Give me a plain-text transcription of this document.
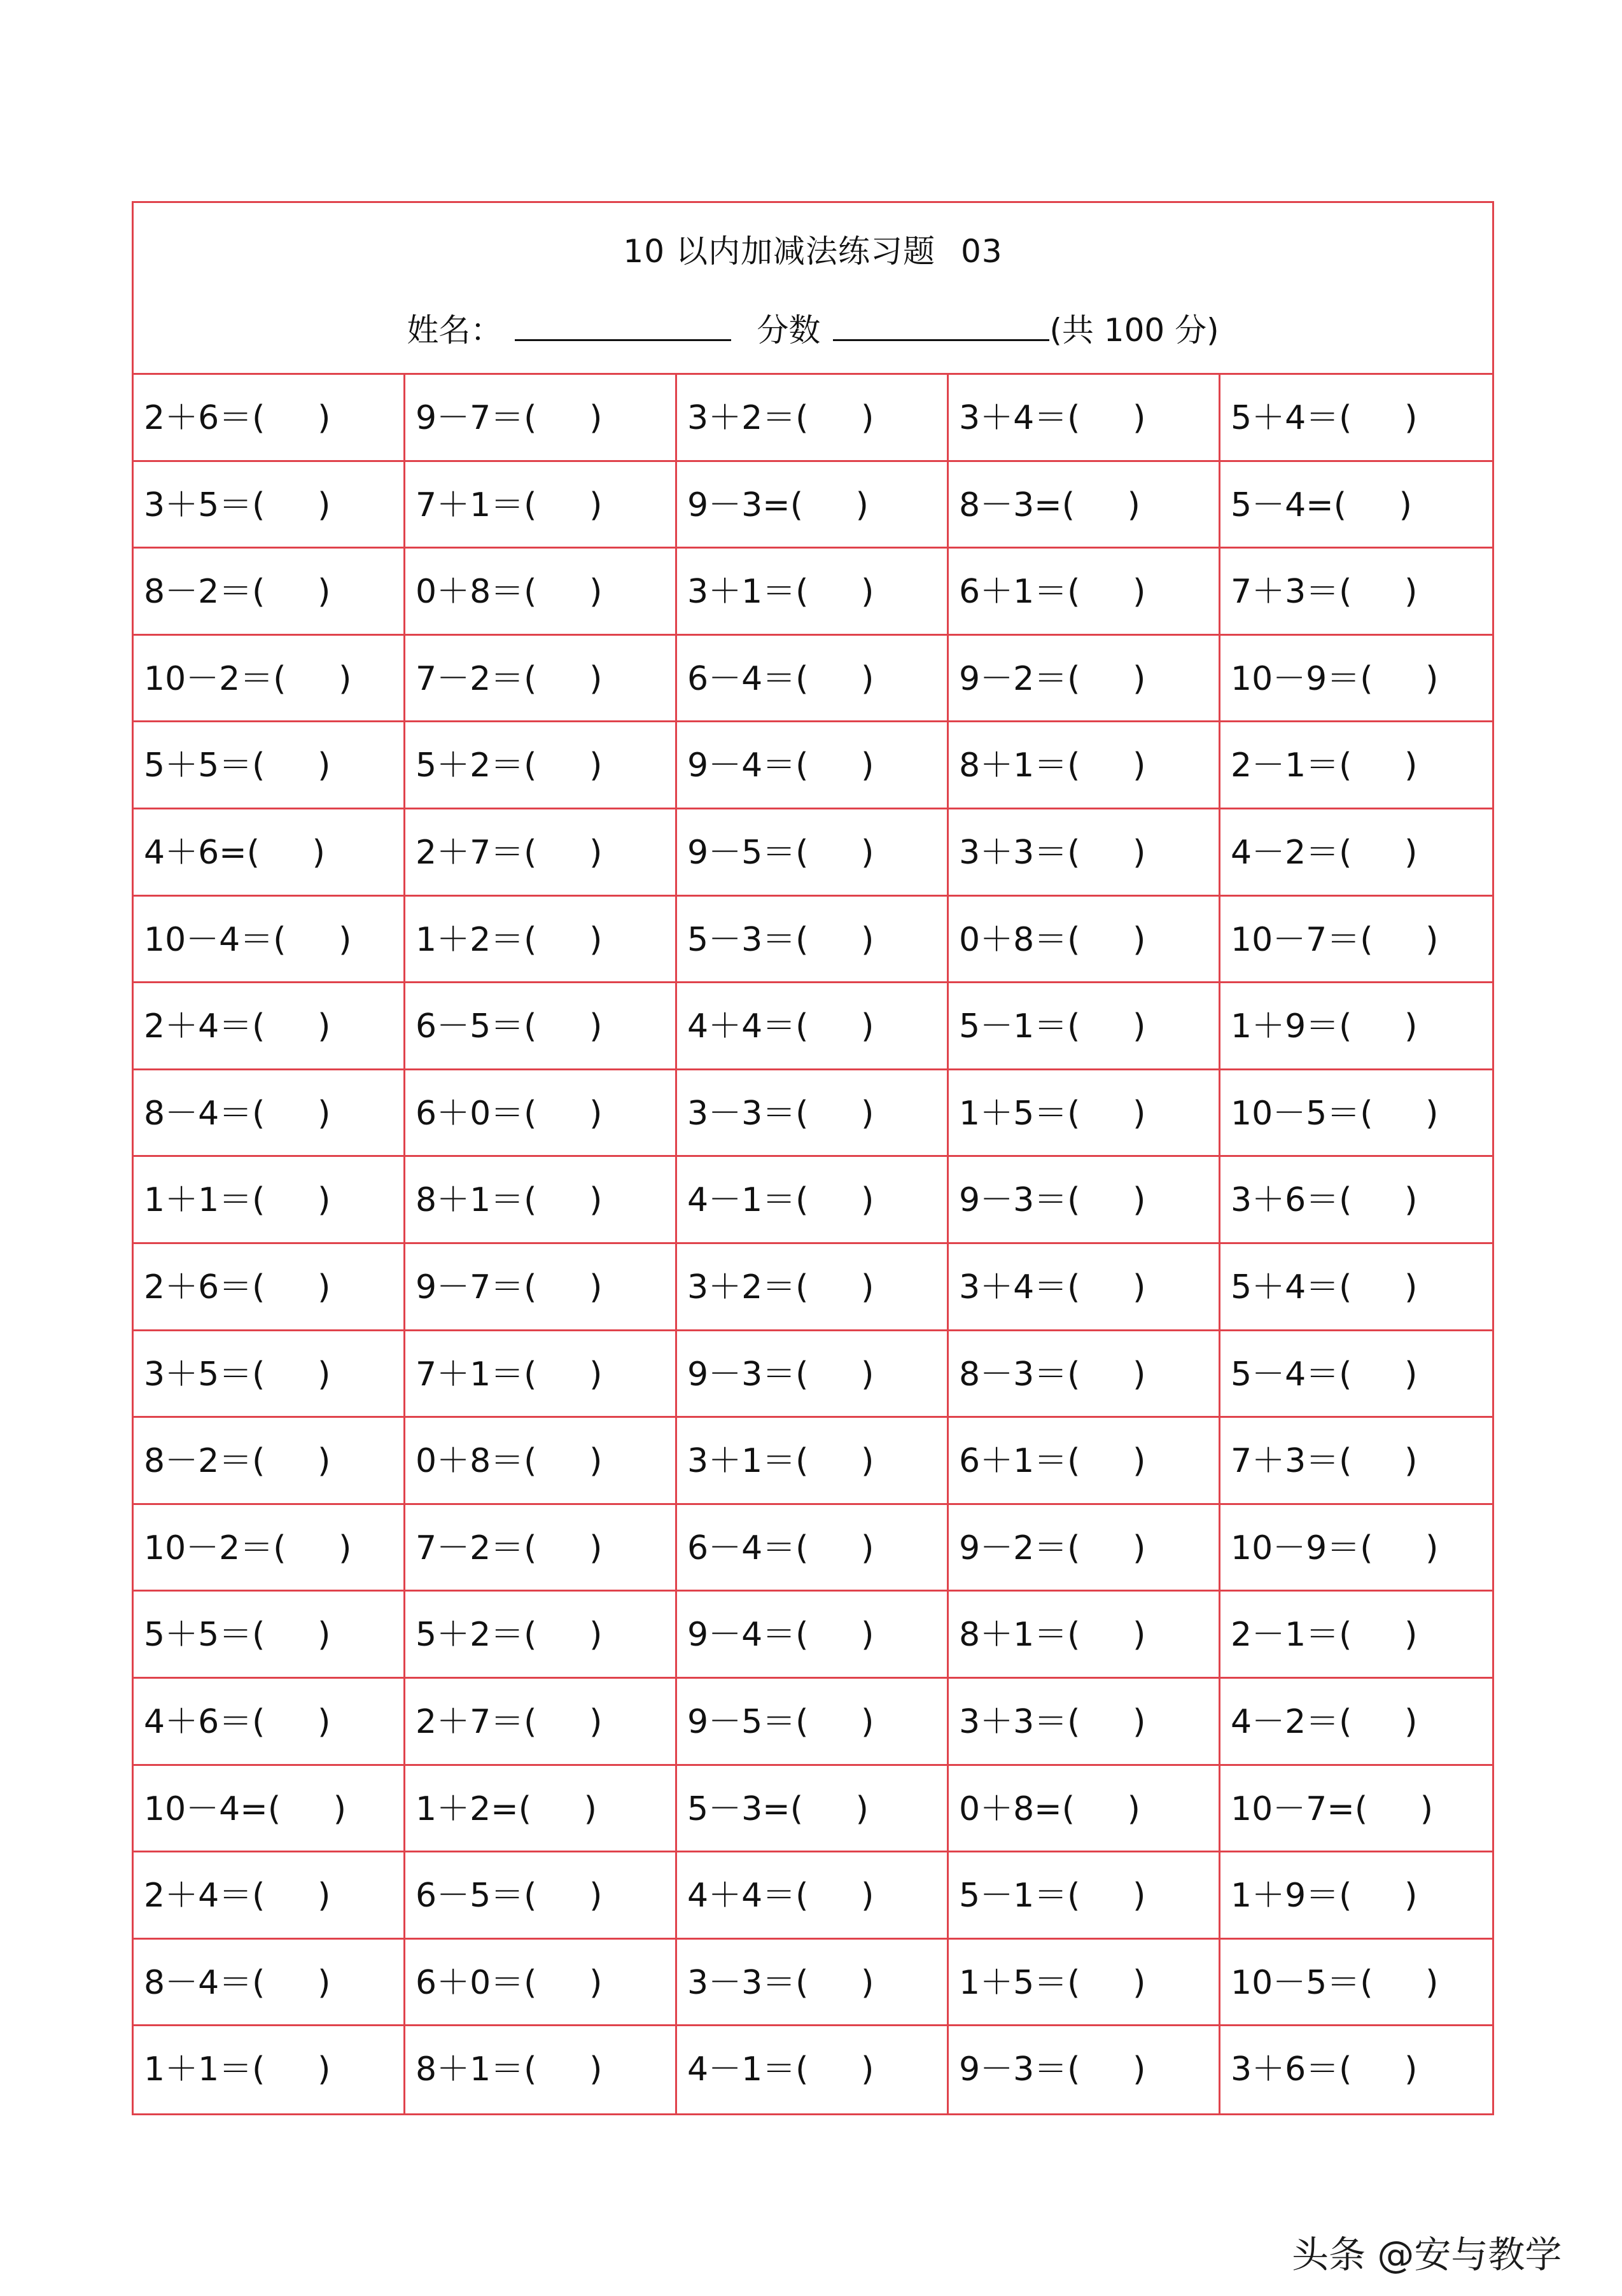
10 以内加减法练习题 03
姓名：	分数	(共 100 分)
2＋6＝(     )	9－7＝(     )	3＋2＝(     )	3＋4＝(     )	5＋4＝(     )
3＋5＝(     )	7＋1＝(     )	9－3=(     )	8－3=(     )	5－4=(     )
8－2＝(     )	0＋8＝(     )	3＋1＝(     )	6＋1＝(     )	7＋3＝(     )
10－2＝(     )	7－2＝(     )	6－4＝(     )	9－2＝(     )	10－9＝(     )
5＋5＝(     )	5＋2＝(     )	9－4＝(     )	8＋1＝(     )	2－1＝(     )
4＋6=(     )	2＋7＝(     )	9－5＝(     )	3＋3＝(     )	4－2＝(     )
10－4＝(     )	1＋2＝(     )	5－3＝(     )	0＋8＝(     )	10－7＝(     )
2＋4＝(     )	6－5＝(     )	4＋4＝(     )	5－1＝(     )	1＋9＝(     )
8－4＝(     )	6＋0＝(     )	3－3＝(     )	1＋5＝(     )	10－5＝(     )
1＋1＝(     )	8＋1＝(     )	4－1＝(     )	9－3＝(     )	3＋6＝(     )
2＋6＝(     )	9－7＝(     )	3＋2＝(     )	3＋4＝(     )	5＋4＝(     )
3＋5＝(     )	7＋1＝(     )	9－3＝(     )	8－3＝(     )	5－4＝(     )
8－2＝(     )	0＋8＝(     )	3＋1＝(     )	6＋1＝(     )	7＋3＝(     )
10－2＝(     )	7－2＝(     )	6－4＝(     )	9－2＝(     )	10－9＝(     )
5＋5＝(     )	5＋2＝(     )	9－4＝(     )	8＋1＝(     )	2－1＝(     )
4＋6＝(     )	2＋7＝(     )	9－5＝(     )	3＋3＝(     )	4－2＝(     )
10－4=(     )	1＋2=(     )	5－3=(     )	0＋8=(     )	10－7=(     )
2＋4＝(     )	6－5＝(     )	4＋4＝(     )	5－1＝(     )	1＋9＝(     )
8－4＝(     )	6＋0＝(     )	3－3＝(     )	1＋5＝(     )	10－5＝(     )
1＋1＝(     )	8＋1＝(     )	4－1＝(     )	9－3＝(     )	3＋6＝(     )
头条 @安与教学
